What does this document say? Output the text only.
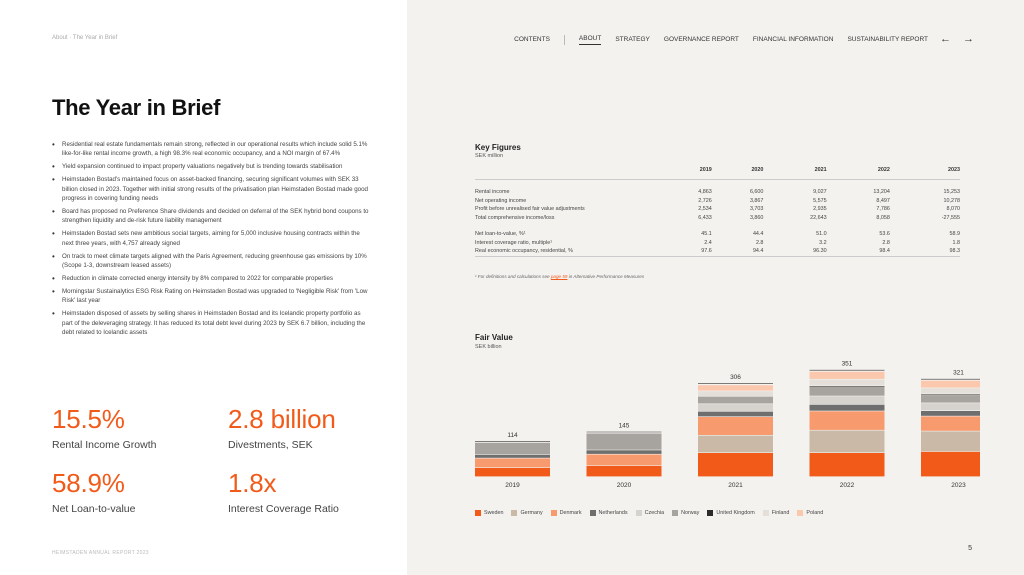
About · The Year in Brief
The Year in Brief
• Residential real estate fundamentals remain strong, reflected in our operational results which include solid 5.1% like-for-like rental income growth, a high 98.3% real economic occupancy, and a NOI margin of 67.4%
• Yield expansion continued to impact property valuations negatively but is trending towards stabilisation
• Heimstaden Bostad's maintained focus on asset-backed financing, securing significant volumes with SEK 33 billion closed in 2023. Together with initial strong results of the privatisation plan Heimstaden Bostad made good progress in covering funding needs
• Board has proposed no Preference Share dividends and decided on deferral of the SEK hybrid bond coupons to strengthen liquidity and de-risk future liability management
• Heimstaden Bostad sets new ambitious social targets, aiming for 5,000 inclusive housing contracts within the next three years, with 4,757 already signed
• On track to meet climate targets aligned with the Paris Agreement, reducing greenhouse gas emissions by 10% (Scope 1-3, downstream leased assets)
• Reduction in climate corrected energy intensity by 8% compared to 2022 for comparable properties
• Morningstar Sustainalytics ESG Risk Rating on Heimstaden Bostad was upgraded to 'Negligible Risk' from 'Low Risk' last year
• Heimstaden disposed of assets by selling shares in Heimstaden Bostad and its Icelandic property portfolio as part of the deleveraging strategy. It has reduced its total debt level during 2023 by SEK 6.7 billion, including the debt related to Icelandic assets
15.5%
Rental Income Growth
2.8 billion
Divestments, SEK
58.9%
Net Loan-to-value
1.8x
Interest Coverage Ratio
HEIMSTADEN ANNUAL REPORT 2023
CONTENTS	ABOUT STRATEGY GOVERNANCE REPORT FINANCIAL INFORMATION SUSTAINABILITY REPORT ← →
Key Figures
SEK million
	2019	2020	2021	2022	2023
Rental income	4,863	6,600	9,027	13,204	15,253
Net operating income	2,726	3,867	5,575	8,497	10,278
Profit before unrealised fair value adjustments	2,534	3,703	2,935	7,786	8,070
Total comprehensive income/loss	6,433	3,860	22,643	8,058	-27,555
Net loan-to-value, %¹	45.1	44.4	51.0	53.6	58.9
Interest coverage ratio, multiple¹	2.4	2.8	3.2	2.8	1.8
Real economic occupancy, residential, %	97.6	94.4	96.30	98.4	98.3
¹ For definitions and calculations see page 59 in Alternative Performance Measures
Fair Value
SEK billion
114
2019
145
2020
306
2021
351
2022
321
2023
Sweden	Germany	Denmark	Netherlands	Czechia	Norway	United Kingdom	Finland	Poland
5
